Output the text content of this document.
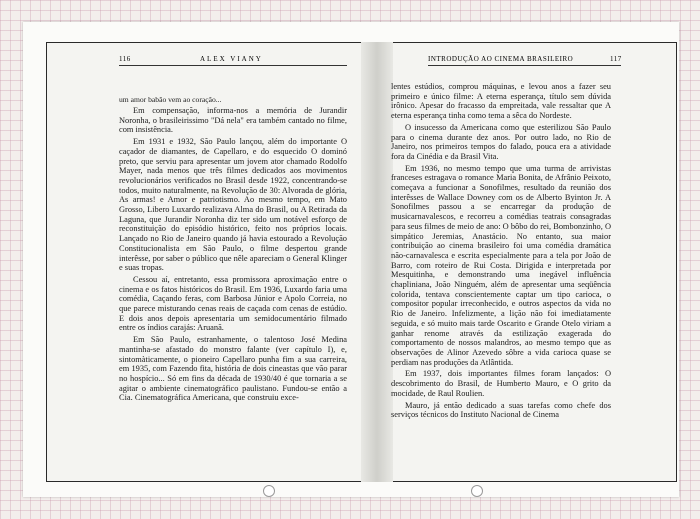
116	ALEX VIANY	INTRODUÇÃO AO CINEMA BRASILEIRO	117

um amor babão vem ao coração...

Em compensação, informa-nos a memória de Jurandir Noronha, o brasileirissimo "Dá nela" era também cantado no filme, com insistência.

Em 1931 e 1932, São Paulo lançou, além do importante O caçador de diamantes, de Capellaro, e do esquecido O dominó preto, que serviu para apresentar um jovem ator chamado Rodolfo Mayer, nada menos que três filmes dedicados aos movimentos revolucionários verificados no Brasil desde 1922, concentrando-se todos, muito naturalmente, na Revolução de 30: Alvorada de glória, As armas! e Amor e patriotismo. Ao mesmo tempo, em Mato Grosso, Libero Luxardo realizava Alma do Brasil, ou A Retirada da Laguna, que Jurandir Noronha diz ter sido um notável esforço de reconstituição do episódio histórico, feito nos próprios locais. Lançado no Rio de Janeiro quando já havia estourado a Revolução Constitucionalista em São Paulo, o filme despertou grande interêsse, por saber o público que nêle apareciam o General Klinger e suas tropas.

Cessou aí, entretanto, essa promissora aproximação entre o cinema e os fatos históricos do Brasil. Em 1936, Luxardo faria uma comédia, Caçando feras, com Barbosa Júnior e Apolo Correia, no que parece misturando cenas reais de caçada com cenas de estúdio. E dois anos depois apresentaria um semidocumentário filmado entre os índios carajás: Aruanã.

Em São Paulo, estranhamente, o talentoso José Medina mantinha-se afastado do monstro falante (ver capítulo I), e, sintomàticamente, o pioneiro Capellaro punha fim a sua carreira, em 1935, com Fazendo fita, história de dois cineastas que vão parar no hospício... Só em fins da década de 1930/40 é que tornaria a se agitar o ambiente cinematográfico paulistano. Fundou-se então a Cia. Cinematográfica Americana, que construiu exce-

lentes estúdios, comprou máquinas, e levou anos a fazer seu primeiro e único filme: A eterna esperança, título sem dúvida irônico. Apesar do fracasso da empreitada, vale ressaltar que A eterna esperança tinha como tema a sêca do Nordeste.

O insucesso da Americana como que esterilizou São Paulo para o cinema durante dez anos. Por outro lado, no Rio de Janeiro, nos primeiros tempos do falado, pouca era a atividade fora da Cinédia e da Brasil Vita.

Em 1936, no mesmo tempo que uma turma de arrivistas franceses estragava o romance Maria Bonita, de Afrânio Peixoto, começava a funcionar a Sonofilmes, resultado da reunião dos interêsses de Wallace Downey com os de Alberto Byinton Jr. A Sonofilmes passou a se encarregar da produção de musicarnavalescos, e recorreu a comédias teatrais consagradas para seus filmes de meio de ano: O bôbo do rei, Bombonzinho, O simpático Jeremias, Anastácio. No entanto, sua maior contribuição ao cinema brasileiro foi uma comédia dramática não-carnavalesca e escrita especialmente para a tela por João de Barro, com roteiro de Rui Costa. Dirigida e interpretada por Mesquitinha, e demonstrando uma inegável influência chapliniana, João Ninguém, além de apresentar uma seqüência colorida, tentava conscientemente captar um tipo carioca, o compositor popular irreconhecido, e outros aspectos da vida no Rio de Janeiro. Infelizmente, a lição não foi imediatamente seguida, e só muito mais tarde Oscarito e Grande Otelo viriam a ganhar renome através da estilização exagerada do comportamento de nossos malandros, ao mesmo tempo que as observações de Alinor Azevedo sôbre a vida carioca quase se perdiam nas produções da Atlântida.

Em 1937, dois importantes filmes foram lançados: O descobrimento do Brasil, de Humberto Mauro, e O grito da mocidade, de Raul Roulien.

Mauro, já então dedicado a suas tarefas como chefe dos serviços técnicos do Instituto Nacional de Cinema
